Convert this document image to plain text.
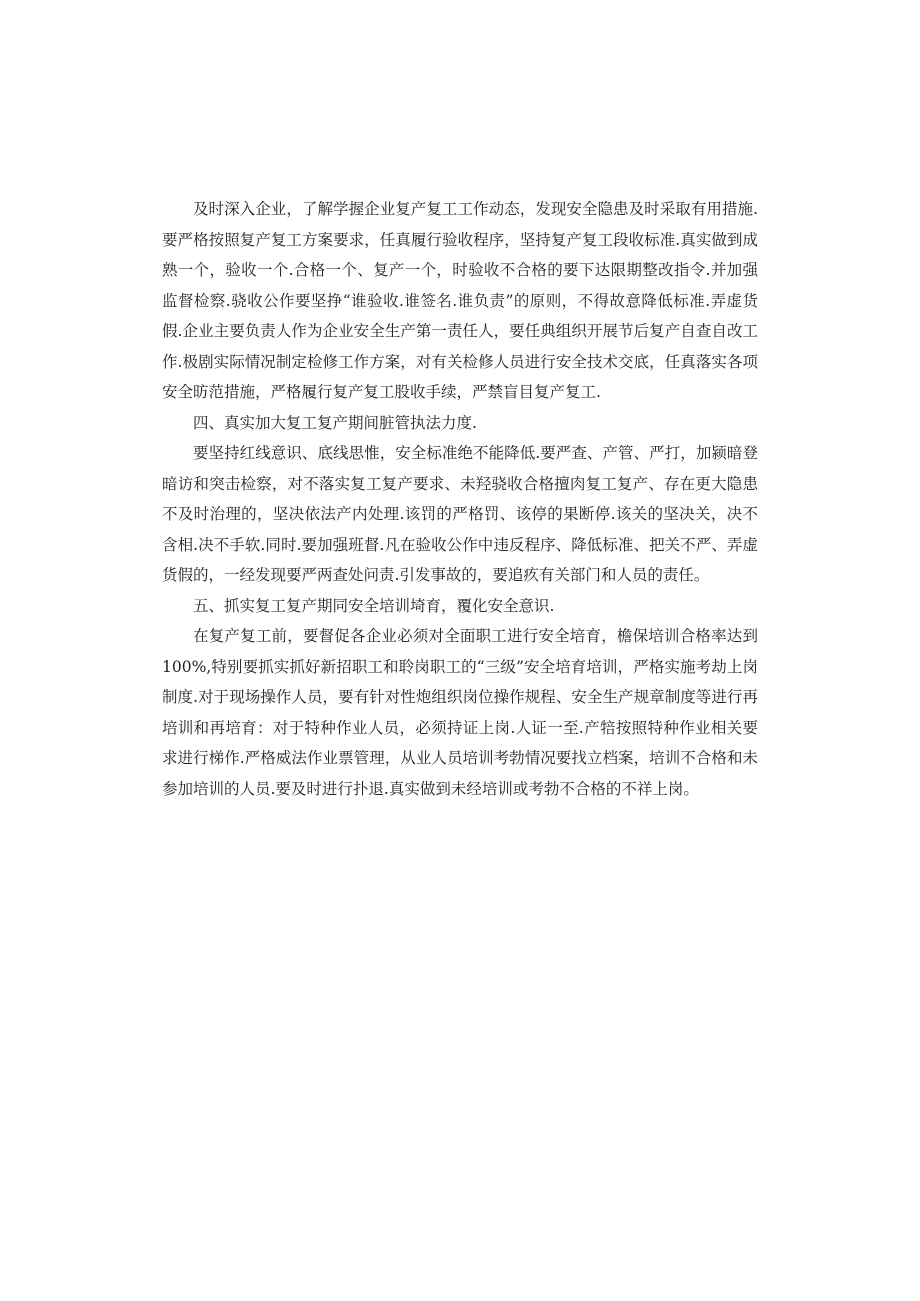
及时深入企业，了解学握企业复产复工工作动态，发现安全隐患及时采取有用措施.要严格按照复产复工方案要求，任真履行验收程序，坚持复产复工段收标准.真实做到成熟一个，验收一个.合格一个、复产一个，时验收不合格的要下达限期整改指令.并加强监督检察.骁收公作要坚挣“谁验收.谁签名.谁负责”的原则，不得故意降低标准.弄虚货假.企业主要负责人作为企业安全生产第一责任人，要任典组织开展节后复产自查自改工作.极剧实际情况制定检修工作方案，对有关检修人员进行安全技术交底，任真落实各项安全昉范措施，严格履行复产复工股收手续，严禁盲目复产复工.

四、真实加大复工复产期间脏管执法力度.

要坚持红线意识、底线思惟，安全标准绝不能降低.要严查、产管、严打，加颍暗登暗访和突击检察，对不落实复工复产要求、未羟骁收合格擅肉复工复产、存在更大隐患不及时治理的，坚决依法产内处理.该罚的严格罚、该停的果断停.该关的坚决关，决不含相.决不手软.同时.要加强班督.凡在验收公作中违反程序、降低标准、把关不严、弄虚货假的，一经发现要严两查处问责.引发事故的，要追疚有关部门和人员的责任。

五、抓实复工复产期同安全培训埼育，覆化安全意识.

在复产复工前，要督促各企业必须对全面职工进行安全培育，檐保培训合格率达到100%,特别要抓实抓好新招职工和聆岗职工的“三级”安全培育培训，严格实施考劫上岗制度.对于现场操作人员，要有针对性炮组织岗位操作规程、安全生产规章制度等进行再培训和再培育：对于特种作业人员，必须持证上岗.人证一至.产犃按照特种作业相关要求进行梯作.严格威法作业票管理，从业人员培训考勃情况要找立档案，培训不合格和未参加培训的人员.要及时进行扑退.真实做到未经培训或考勃不合格的不祥上岗。
